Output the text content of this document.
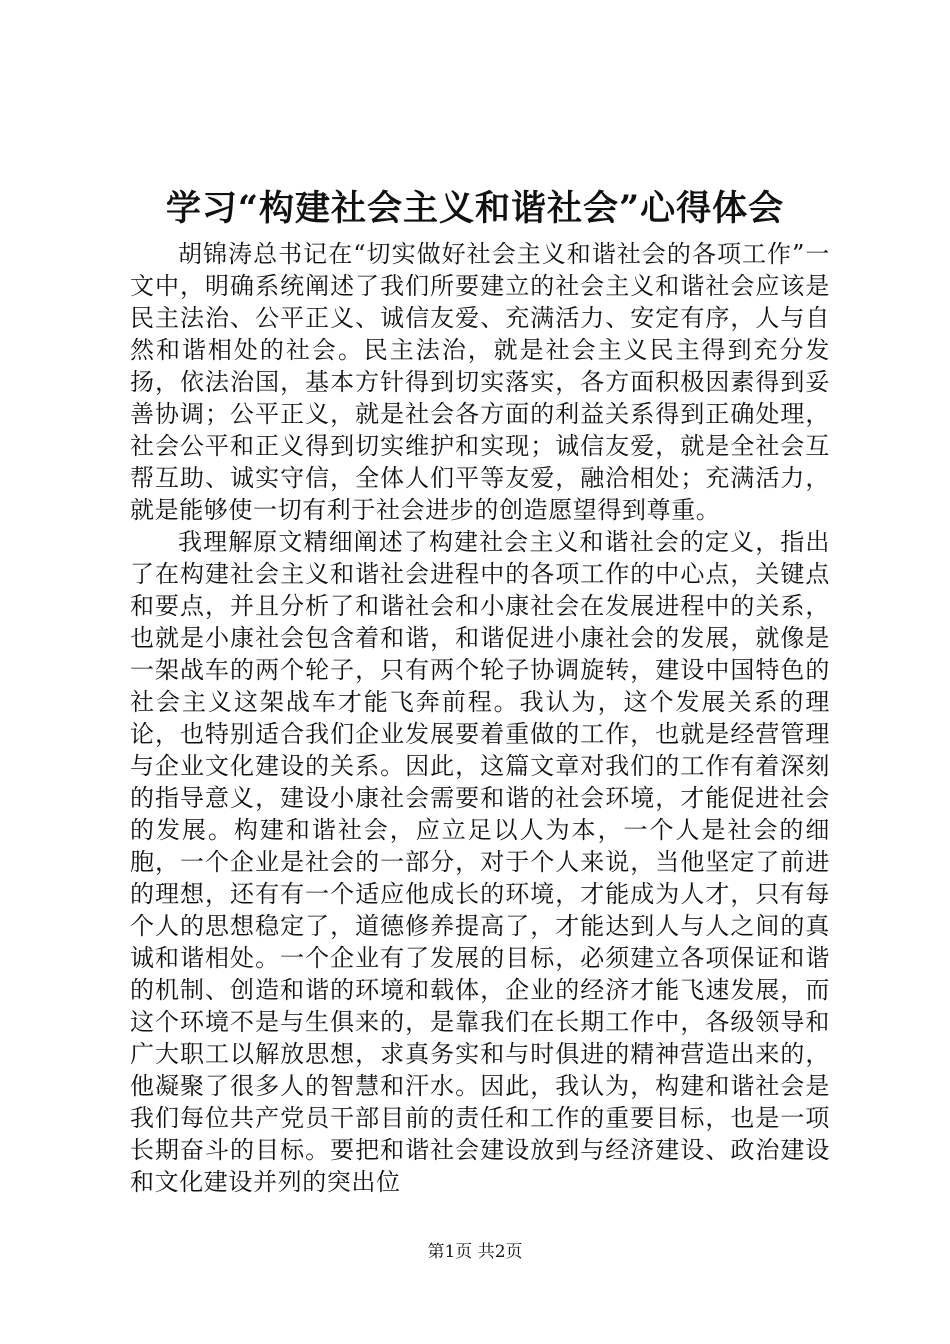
学习“构建社会主义和谐社会”心得体会

胡锦涛总书记在“切实做好社会主义和谐社会的各项工作”一文中，明确系统阐述了我们所要建立的社会主义和谐社会应该是民主法治、公平正义、诚信友爱、充满活力、安定有序，人与自然和谐相处的社会。民主法治，就是社会主义民主得到充分发扬，依法治国，基本方针得到切实落实，各方面积极因素得到妥善协调；公平正义，就是社会各方面的利益关系得到正确处理，社会公平和正义得到切实维护和实现；诚信友爱，就是全社会互帮互助、诚实守信，全体人们平等友爱，融洽相处；充满活力，就是能够使一切有利于社会进步的创造愿望得到尊重。

我理解原文精细阐述了构建社会主义和谐社会的定义，指出了在构建社会主义和谐社会进程中的各项工作的中心点，关键点和要点，并且分析了和谐社会和小康社会在发展进程中的关系，也就是小康社会包含着和谐，和谐促进小康社会的发展，就像是一架战车的两个轮子，只有两个轮子协调旋转，建设中国特色的社会主义这架战车才能飞奔前程。我认为，这个发展关系的理论，也特别适合我们企业发展要着重做的工作，也就是经营管理与企业文化建设的关系。因此，这篇文章对我们的工作有着深刻的指导意义，建设小康社会需要和谐的社会环境，才能促进社会的发展。构建和谐社会，应立足以人为本，一个人是社会的细胞，一个企业是社会的一部分，对于个人来说，当他坚定了前进的理想，还有有一个适应他成长的环境，才能成为人才，只有每个人的思想稳定了，道德修养提高了，才能达到人与人之间的真诚和谐相处。一个企业有了发展的目标，必须建立各项保证和谐的机制、创造和谐的环境和载体，企业的经济才能飞速发展，而这个环境不是与生俱来的，是靠我们在长期工作中，各级领导和广大职工以解放思想，求真务实和与时俱进的精神营造出来的，他凝聚了很多人的智慧和汗水。因此，我认为，构建和谐社会是我们每位共产党员干部目前的责任和工作的重要目标，也是一项长期奋斗的目标。要把和谐社会建设放到与经济建设、政治建设和文化建设并列的突出位

第1页 共2页
